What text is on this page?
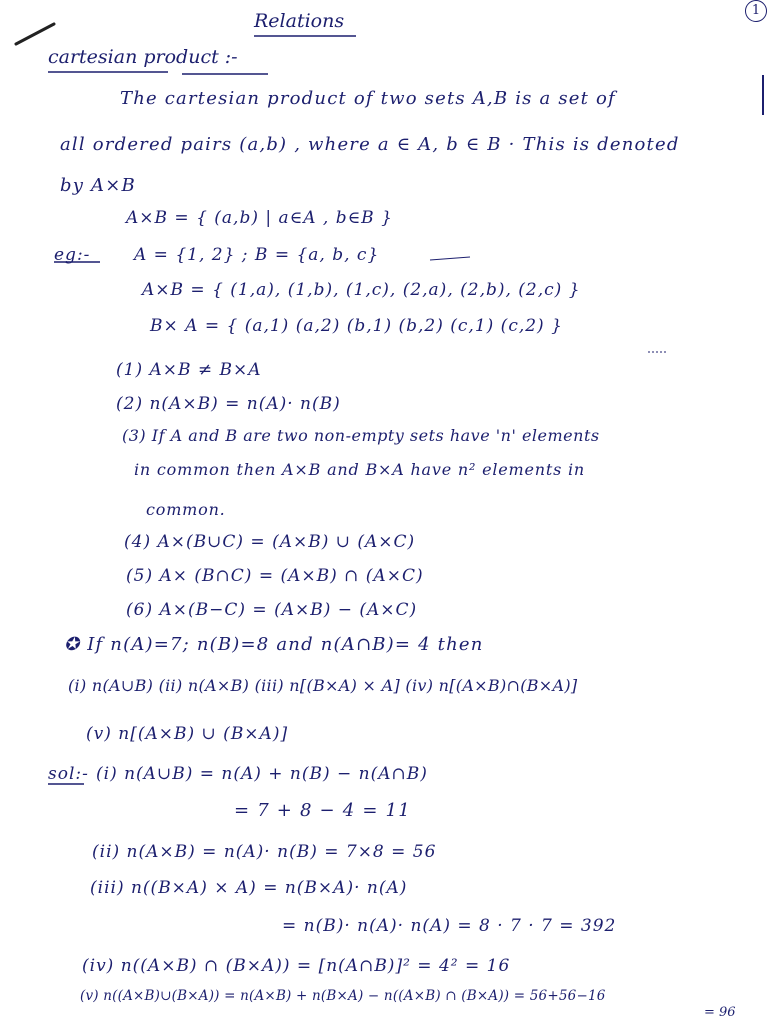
1
Relations
cartesian product :-
The cartesian product of two sets A,B is a set of
all ordered pairs (a,b) , where a ∈ A, b ∈ B · This is denoted
by A×B
A×B = { (a,b) | a∈A , b∈B }
eg:-	A = {1, 2} ; B = {a, b, c}
A×B = { (1,a), (1,b), (1,c), (2,a), (2,b), (2,c) }
B× A = { (a,1) (a,2) (b,1) (b,2) (c,1) (c,2) }
(1) A×B ≠ B×A
(2) n(A×B) = n(A)· n(B)
(3) If A and B are two non-empty sets have 'n' elements
in common then A×B and B×A have n² elements in
common.
(4) A×(B∪C) = (A×B) ∪ (A×C)
(5) A× (B∩C) = (A×B) ∩ (A×C)
(6) A×(B−C) = (A×B) − (A×C)
✪ If n(A)=7; n(B)=8 and n(A∩B)= 4 then
(i) n(A∪B) (ii) n(A×B) (iii) n[(B×A) × A] (iv) n[(A×B)∩(B×A)]
(v) n[(A×B) ∪ (B×A)]
sol:- (i) n(A∪B) = n(A) + n(B) − n(A∩B)
= 7 + 8 − 4 = 11
(ii) n(A×B) = n(A)· n(B) = 7×8 = 56
(iii) n((B×A) × A) = n(B×A)· n(A)
= n(B)· n(A)· n(A) = 8 · 7 · 7 = 392
(iv) n((A×B) ∩ (B×A)) = [n(A∩B)]² = 4² = 16
(v) n((A×B)∪(B×A)) = n(A×B) + n(B×A) − n((A×B) ∩ (B×A)) = 56+56−16
= 96
